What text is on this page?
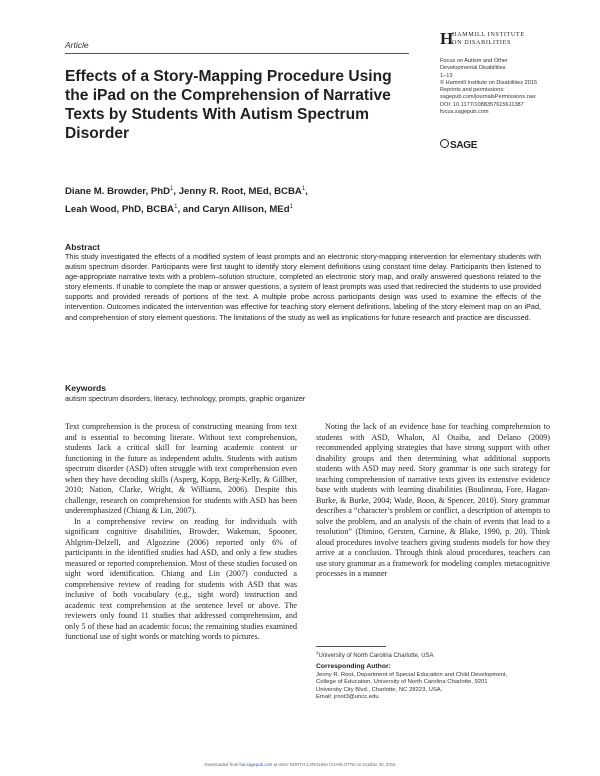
Article	H
HAMMILL INSTITUTE
ON DISABILITIES
Focus on Autism and Other
Developmental Disabilities
1–13
© Hammill Institute on Disabilities 2015
Reprints and permissions:
sagepub.com/journalsPermissions.nav
DOI: 10.1177/1088357615611387
focus.sagepub.com
SAGE
Effects of a Story-Mapping Procedure Using the iPad on the Comprehension of Narrative Texts by Students With Autism Spectrum Disorder
Diane M. Browder, PhD$^1$, Jenny R. Root, MEd, BCBA$^1$,
Leah Wood, PhD, BCBA$^1$, and Caryn Allison, MEd$^1$
Abstract
This study investigated the effects of a modified system of least prompts and an electronic story-mapping intervention for elementary students with autism spectrum disorder. Participants were first taught to identify story element definitions using constant time delay. Participants then listened to age-appropriate narrative texts with a problem–solution structure, completed an electronic story map, and orally answered questions related to the story elements. If unable to complete the map or answer questions, a system of least prompts was used that redirected the students to use provided supports and provided rereads of portions of the text. A multiple probe across participants design was used to examine the effects of the intervention. Outcomes indicated the intervention was effective for teaching story element definitions, labeling of the story element map on an iPad, and comprehension of story element questions. The limitations of the study as well as implications for future research and practice are discussed.
Keywords
autism spectrum disorders, literacy, technology, prompts, graphic organizer

Text comprehension is the process of constructing meaning from text and is essential to becoming literate. Without text comprehension, students lack a critical skill for learning academic content or functioning in the future as independent adults. Students with autism spectrum disorder (ASD) often struggle with text comprehension even when they have decoding skills (Asperg, Kopp, Berg-Kelly, & Gillber, 2010; Nation, Clarke, Wright, & Williams, 2006). Despite this challenge, research on comprehension for students with ASD has been underemphasized (Chiang & Lin, 2007).

In a comprehensive review on reading for individuals with significant cognitive disabilities, Browder, Wakeman, Spooner, Ahlgrim-Delzell, and Algozzine (2006) reported only 6% of participants in the identified studies had ASD, and only a few studies measured or reported comprehension. Most of these studies focused on sight word identification. Chiang and Lin (2007) conducted a comprehensive review of reading for students with ASD that was inclusive of both vocabulary (e.g., sight word) instruction and academic text comprehension at the sentence level or above. The reviewers only found 11 studies that addressed comprehension, and only 5 of these had an academic focus; the remaining studies examined functional use of sight words or matching words to pictures.

Noting the lack of an evidence base for teaching comprehension to students with ASD, Whalon, Al Otaiba, and Delano (2009) recommended applying strategies that have strong support with other disability groups and then determining what additional supports students with ASD may need. Story grammar is one such strategy for teaching comprehension of narrative texts given its extensive evidence base with students with learning disabilities (Boulineau, Fore, Hagan-Burke, & Burke, 2004; Wade, Boon, & Spencer, 2010). Story grammar describes a “character’s problem or conflict, a description of attempts to solve the problem, and an analysis of the chain of events that lead to a resolution” (Dimino, Gersten, Carnine, & Blake, 1990, p. 20). Think aloud procedures involve teachers giving students models for how they arrive at a conclusion. Through think aloud procedures, teachers can use story grammar as a framework for modeling complex metacognitive processes in a manner

$^1$University of North Carolina Charlotte, USA
Corresponding Author:
Jenny R. Root, Department of Special Education and Child Development,
College of Education, University of North Carolina Charlotte, 9201
University City Blvd., Charlotte, NC 28223, USA.
Email: jroot3@uncc.edu
Downloaded from foa.sagepub.com at UNIV NORTH CAROLINA CHARLOTTE on October 20, 2015
